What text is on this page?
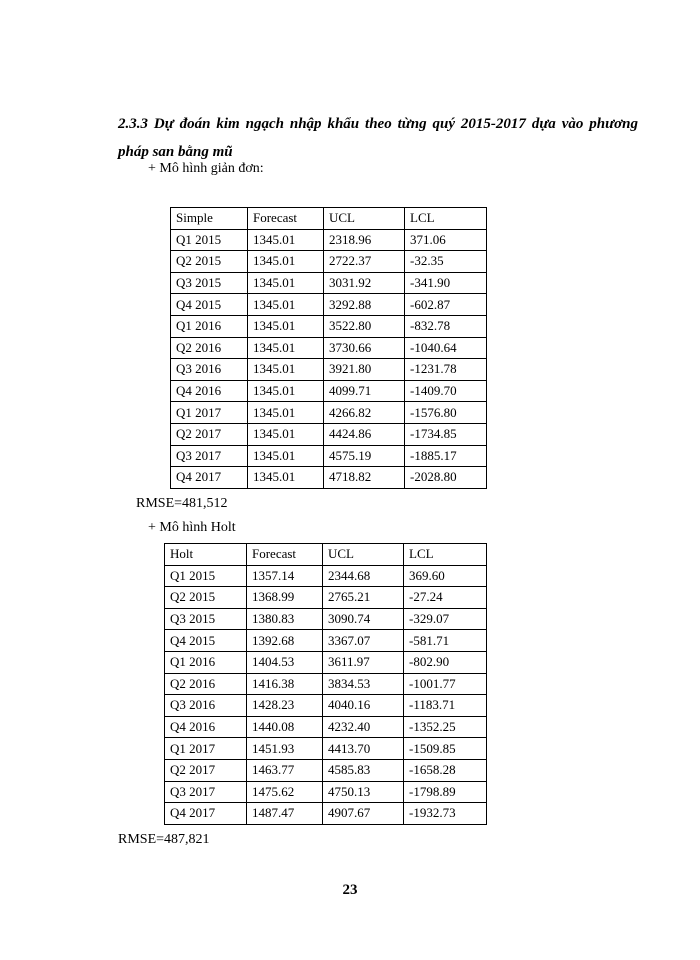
2.3.3 Dự đoán kim ngạch nhập khẩu theo từng quý 2015-2017 dựa vào phương pháp san bằng mũ

+ Mô hình giản đơn:

Simple	Forecast	UCL	LCL
Q1 2015	1345.01	2318.96	371.06
Q2 2015	1345.01	2722.37	-32.35
Q3 2015	1345.01	3031.92	-341.90
Q4 2015	1345.01	3292.88	-602.87
Q1 2016	1345.01	3522.80	-832.78
Q2 2016	1345.01	3730.66	-1040.64
Q3 2016	1345.01	3921.80	-1231.78
Q4 2016	1345.01	4099.71	-1409.70
Q1 2017	1345.01	4266.82	-1576.80
Q2 2017	1345.01	4424.86	-1734.85
Q3 2017	1345.01	4575.19	-1885.17
Q4 2017	1345.01	4718.82	-2028.80

RMSE=481,512

+ Mô hình Holt

Holt	Forecast	UCL	LCL
Q1 2015	1357.14	2344.68	369.60
Q2 2015	1368.99	2765.21	-27.24
Q3 2015	1380.83	3090.74	-329.07
Q4 2015	1392.68	3367.07	-581.71
Q1 2016	1404.53	3611.97	-802.90
Q2 2016	1416.38	3834.53	-1001.77
Q3 2016	1428.23	4040.16	-1183.71
Q4 2016	1440.08	4232.40	-1352.25
Q1 2017	1451.93	4413.70	-1509.85
Q2 2017	1463.77	4585.83	-1658.28
Q3 2017	1475.62	4750.13	-1798.89
Q4 2017	1487.47	4907.67	-1932.73

RMSE=487,821

23
